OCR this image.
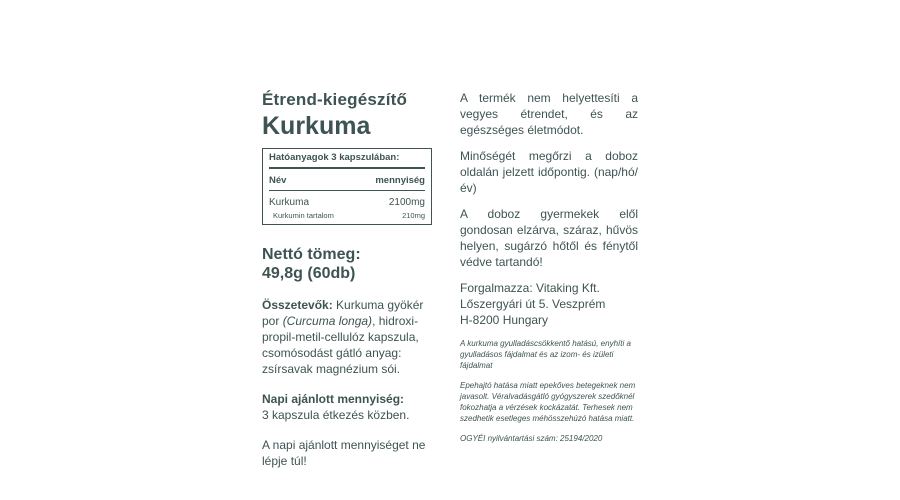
Étrend-kiegészítő
Kurkuma
Hatóanyagok 3 kapszulában:
Név	mennyiség
Kurkuma	2100mg
Kurkumin tartalom	210mg
Nettó tömeg:
49,8g (60db)

Összetevők: Kurkuma gyökér por (Curcuma longa), hidroxi-propil-metil-cellulóz kapszula, csomósodást gátló anyag: zsírsavak magnézium sói.

Napi ajánlott mennyiség:
3 kapszula étkezés közben.

A napi ajánlott mennyiséget ne lépje túl!

A termék nem helyettesíti a vegyes étrendet, és az egészséges életmódot.

Minőségét megőrzi a doboz oldalán jelzett időpontig. (nap/hó/év)

A doboz gyermekek elől gondosan elzárva, száraz, hűvös helyen, sugárzó hőtől és fénytől védve tartandó!

Forgalmazza: Vitaking Kft.
Lőszergyári út 5. Veszprém
H-8200 Hungary

A kurkuma gyulladáscsökkentő hatású, enyhíti a gyulladásos fájdalmat és az izom- és izületi fájdalmat

Epehajtó hatása miatt epekőves betegeknek nem javasolt. Véralvadásgátló gyógyszerek szedőknél fokozhatja a vérzések kockázatát. Terhesek nem szedhetik esetleges méhösszehúzó hatása miatt.

OGYÉI nyilvántartási szám: 25194/2020
